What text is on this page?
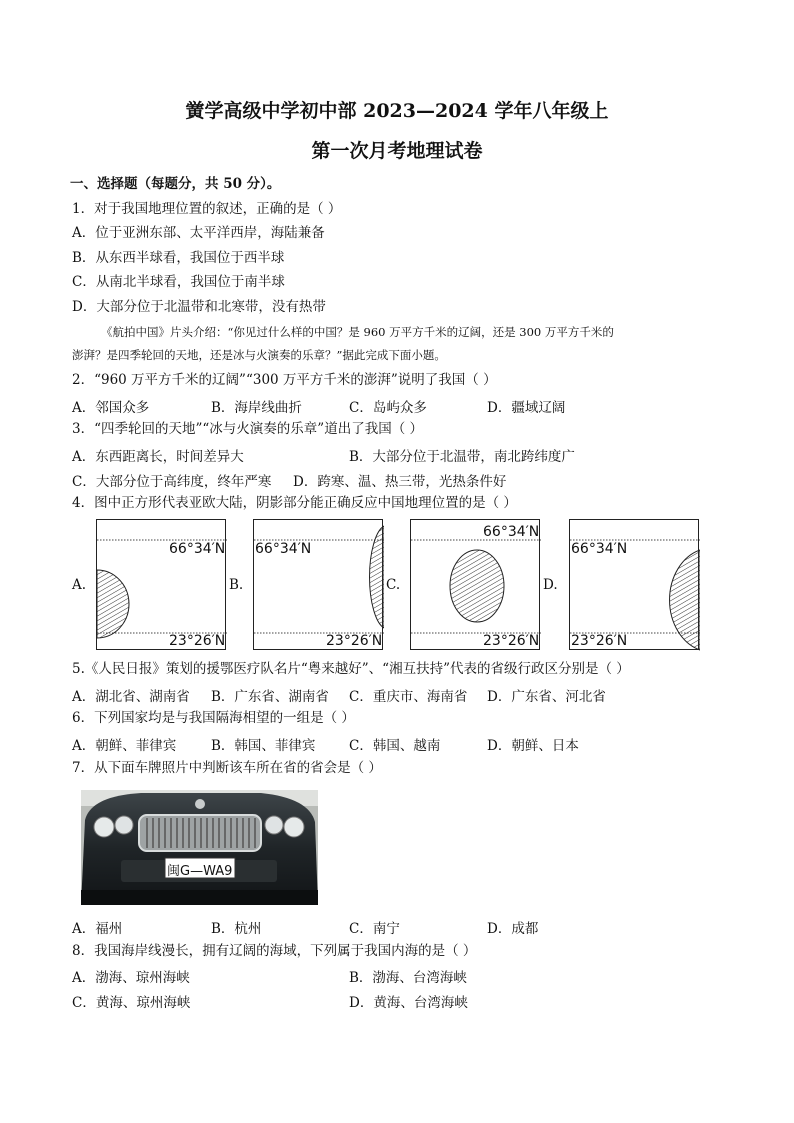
黉学高级中学初中部 2023—2024 学年八年级上
第一次月考地理试卷
一、选择题（每题分，共 50 分）。
1．对于我国地理位置的叙述，正确的是（ ）
A．位于亚洲东部、太平洋西岸，海陆兼备
B．从东西半球看，我国位于西半球
C．从南北半球看，我国位于南半球
D．大部分位于北温带和北寒带，没有热带
《航拍中国》片头介绍：“你见过什么样的中国？是 960 万平方千米的辽阔，还是 300 万平方千米的
澎湃？是四季轮回的天地，还是冰与火演奏的乐章？”据此完成下面小题。
2．“960 万平方千米的辽阔”“300 万平方千米的澎湃”说明了我国（ ）
A．邻国众多	B．海岸线曲折	C．岛屿众多	D．疆域辽阔
3．“四季轮回的天地”“冰与火演奏的乐章”道出了我国（ ）
A．东西距离长，时间差异大	B．大部分位于北温带，南北跨纬度广
C．大部分位于高纬度，终年严寒 D．跨寒、温、热三带，光热条件好
4．图中正方形代表亚欧大陆，阴影部分能正确反应中国地理位置的是（ ）
A.	B.	C.	D.
66°34′N
23°26′N
66°34′N
23°26′N
66°34′N
23°26′N
66°34′N
23°26′N
5.《人民日报》策划的援鄂医疗队名片“粤来越好”、“湘互扶持”代表的省级行政区分别是（ ）
A．湖北省、湖南省 B．广东省、湖南省 C．重庆市、海南省 D．广东省、河北省
6．下列国家均是与我国隔海相望的一组是（ ）
A．朝鲜、菲律宾	B．韩国、菲律宾 C．韩国、越南	D．朝鲜、日本
7．从下面车牌照片中判断该车所在省的省会是（ ）
闽G—WA9
A．福州	B．杭州	C．南宁	D．成都
8．我国海岸线漫长，拥有辽阔的海域，下列属于我国内海的是（ ）
A．渤海、琼州海峡	B．渤海、台湾海峡
C．黄海、琼州海峡	D．黄海、台湾海峡
